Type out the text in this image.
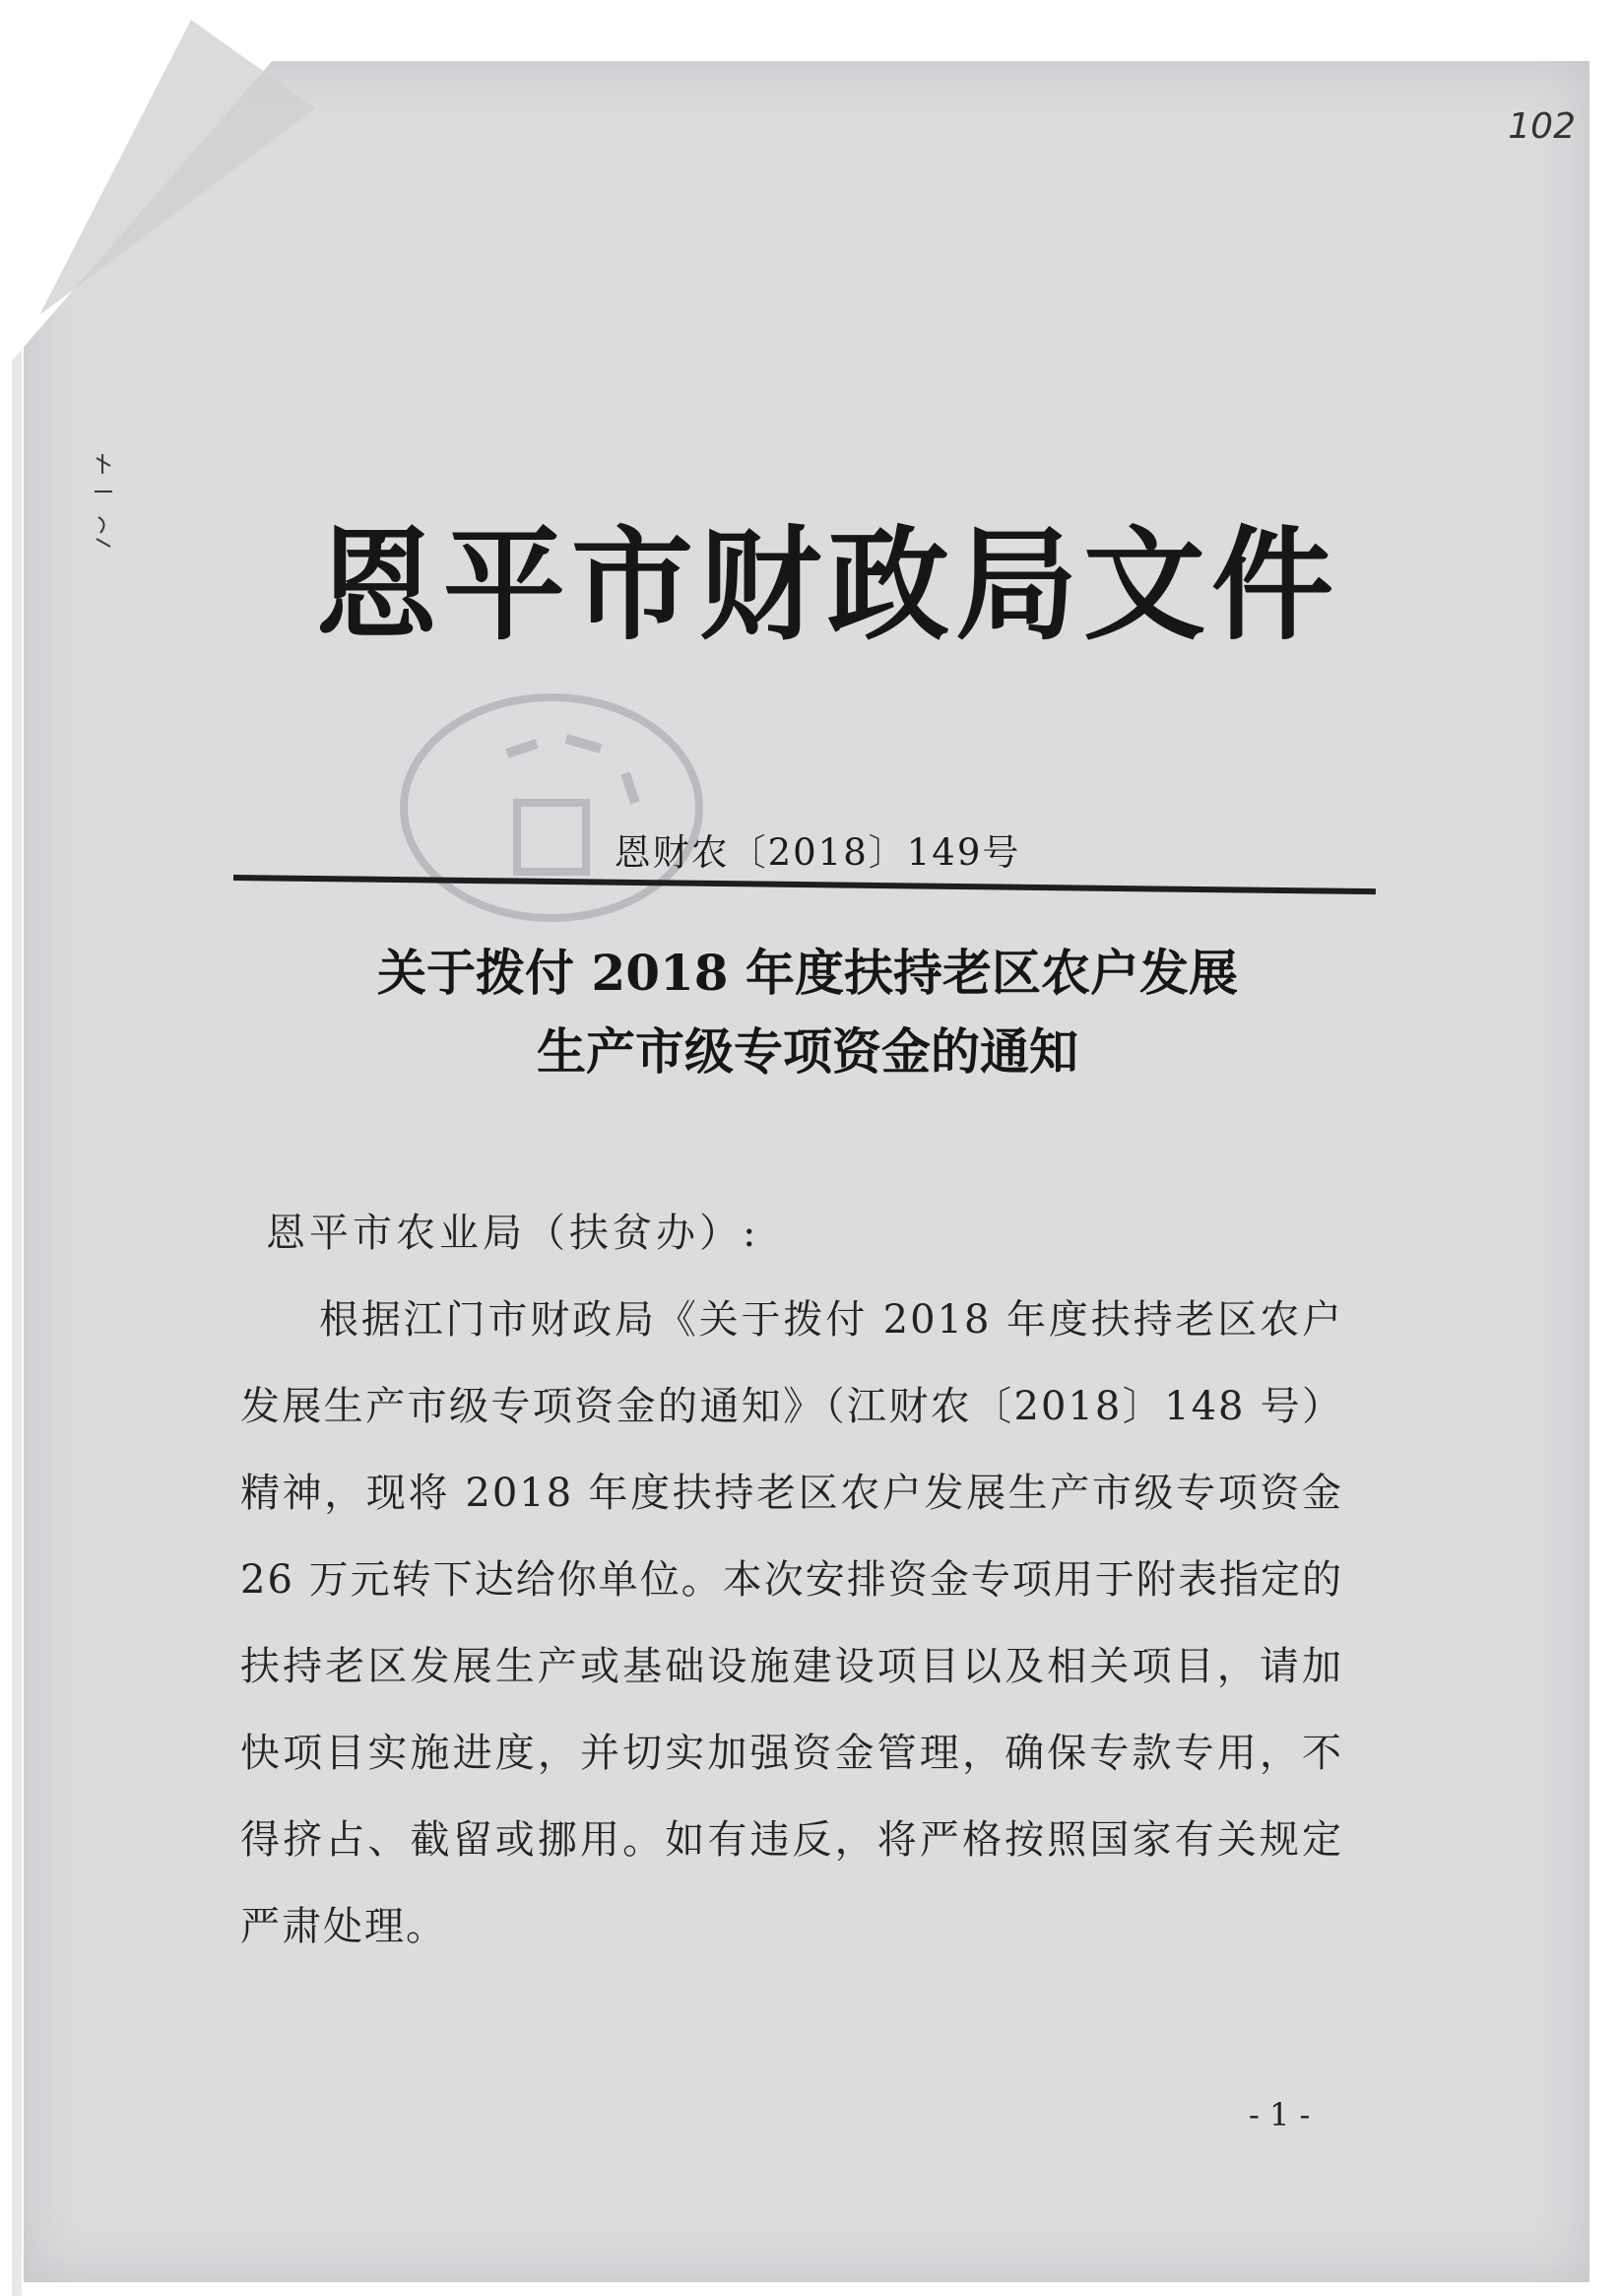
102
恩平市财政局文件
恩财农〔2018〕149号
关于拨付 2018 年度扶持老区农户发展
生产市级专项资金的通知

恩平市农业局（扶贫办）:

根据江门市财政局《关于拨付 2018 年度扶持老区农户发展生产市级专项资金的通知》（江财农〔2018〕148 号）精神，现将 2018 年度扶持老区农户发展生产市级专项资金 26 万元转下达给你单位。本次安排资金专项用于附表指定的扶持老区发展生产或基础设施建设项目以及相关项目，请加快项目实施进度，并切实加强资金管理，确保专款专用，不得挤占、截留或挪用。如有违反，将严格按照国家有关规定严肃处理。

- 1 -
